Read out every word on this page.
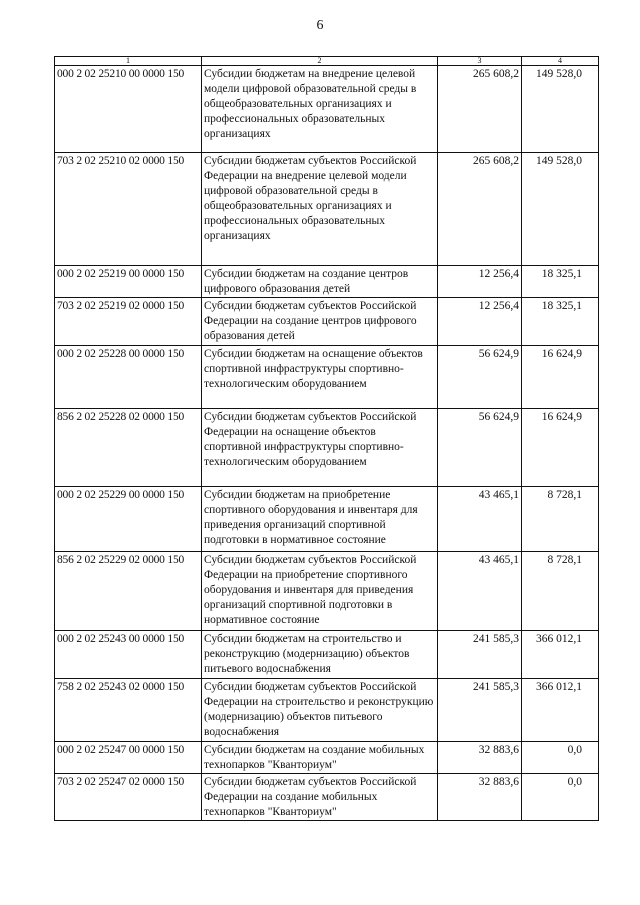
6
1	2	3	4
000 2 02 25210 00 0000 150	Субсидии бюджетам на внедрение целевой модели цифровой образовательной среды в общеобразовательных организациях и профессиональных образовательных организациях	265 608,2	149 528,0
703 2 02 25210 02 0000 150	Субсидии бюджетам субъектов Российской Федерации на внедрение целевой модели цифровой образовательной среды в общеобразовательных организациях и профессиональных образовательных организациях	265 608,2	149 528,0
000 2 02 25219 00 0000 150	Субсидии бюджетам на создание центров цифрового образования детей	12 256,4	18 325,1
703 2 02 25219 02 0000 150	Субсидии бюджетам субъектов Российской Федерации на создание центров цифрового образования детей	12 256,4	18 325,1
000 2 02 25228 00 0000 150	Субсидии бюджетам на оснащение объектов спортивной инфраструктуры спортивно-технологическим оборудованием	56 624,9	16 624,9
856 2 02 25228 02 0000 150	Субсидии бюджетам субъектов Российской Федерации на оснащение объектов спортивной инфраструктуры спортивно-технологическим оборудованием	56 624,9	16 624,9
000 2 02 25229 00 0000 150	Субсидии бюджетам на приобретение спортивного оборудования и инвентаря для приведения организаций спортивной подготовки в нормативное состояние	43 465,1	8 728,1
856 2 02 25229 02 0000 150	Субсидии бюджетам субъектов Российской Федерации на приобретение спортивного оборудования и инвентаря для приведения организаций спортивной подготовки в нормативное состояние	43 465,1	8 728,1
000 2 02 25243 00 0000 150	Субсидии бюджетам на строительство и реконструкцию (модернизацию) объектов питьевого водоснабжения	241 585,3	366 012,1
758 2 02 25243 02 0000 150	Субсидии бюджетам субъектов Российской Федерации на строительство и реконструкцию (модернизацию) объектов питьевого водоснабжения	241 585,3	366 012,1
000 2 02 25247 00 0000 150	Субсидии бюджетам на создание мобильных технопарков "Кванториум"	32 883,6	0,0
703 2 02 25247 02 0000 150	Субсидии бюджетам субъектов Российской Федерации на создание мобильных технопарков "Кванториум"	32 883,6	0,0
